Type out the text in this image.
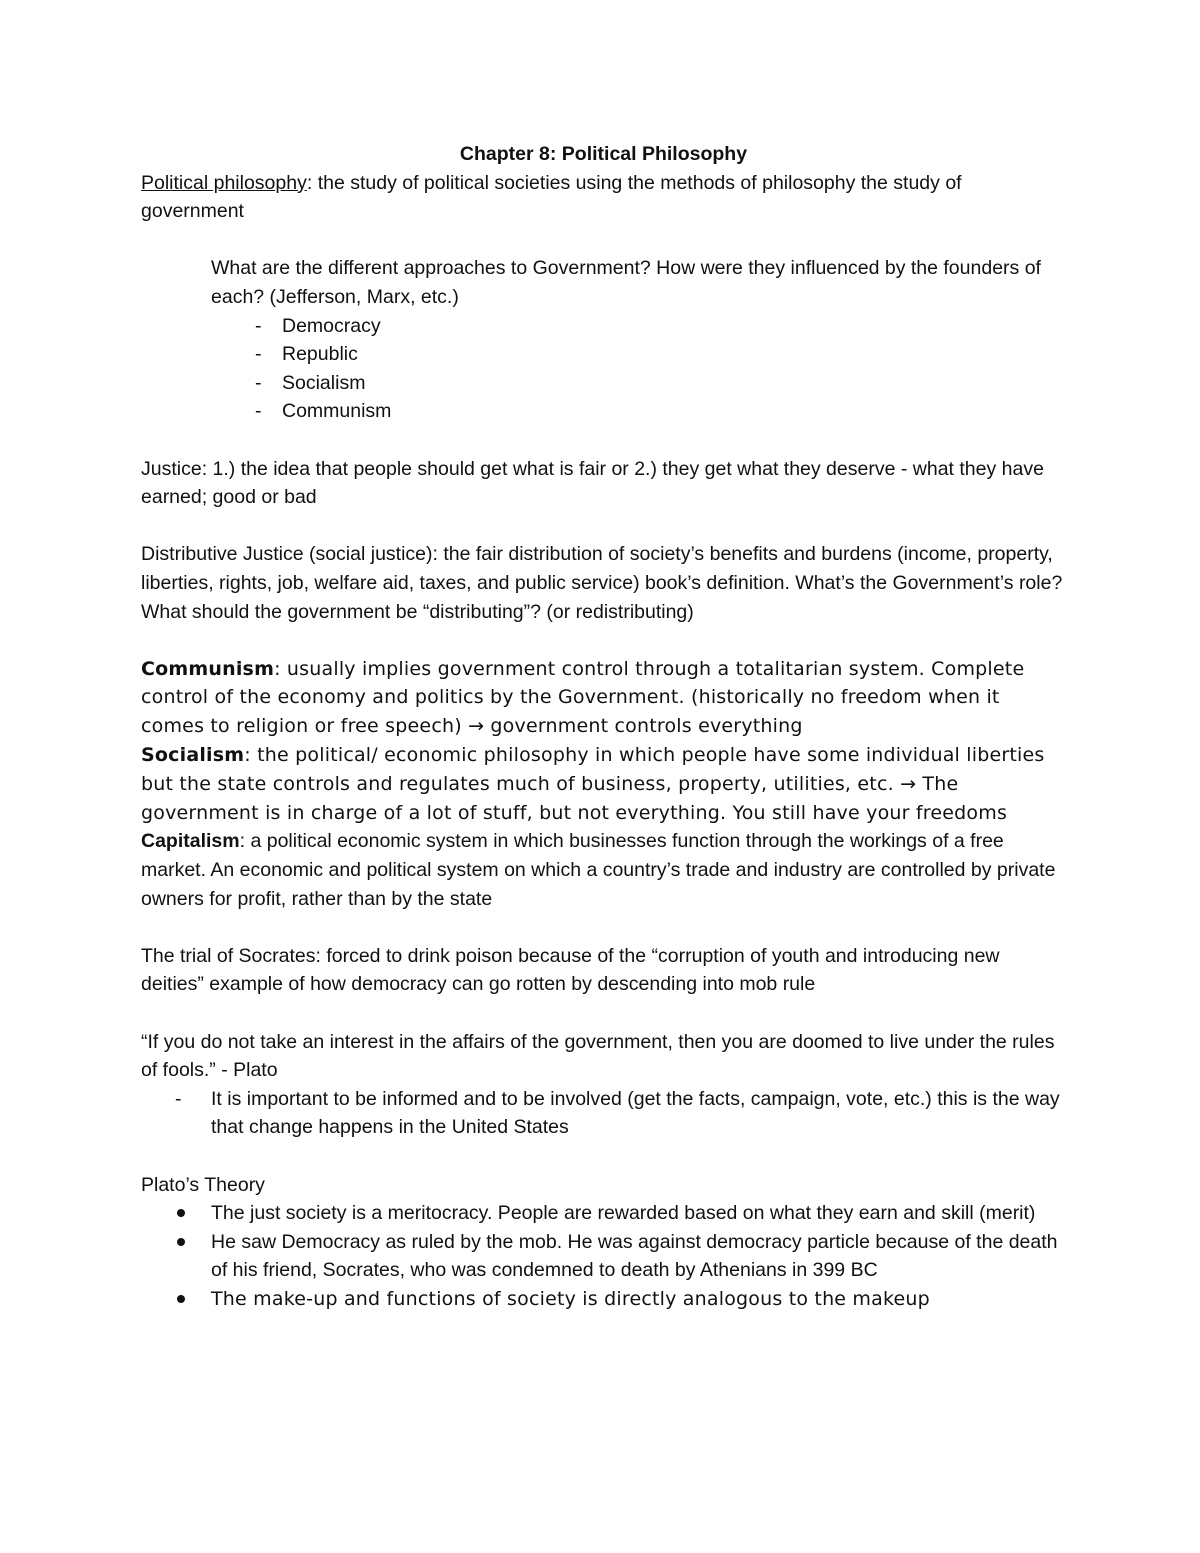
Chapter 8: Political Philosophy
Political philosophy: the study of political societies using the methods of philosophy the study of government
What are the different approaches to Government? How were they influenced by the founders of each? (Jefferson, Marx, etc.)
-	Democracy
-	Republic
-	Socialism
-	Communism
Justice: 1.) the idea that people should get what is fair or 2.) they get what they deserve - what they have earned; good or bad
Distributive Justice (social justice): the fair distribution of society’s benefits and burdens (income, property, liberties, rights, job, welfare aid, taxes, and public service) book’s definition. What’s the Government’s role? What should the government be “distributing”? (or redistributing)
Communism: usually implies government control through a totalitarian system. Complete control of the economy and politics by the Government. (historically no freedom when it comes to religion or free speech) → government controls everything
Socialism: the political/ economic philosophy in which people have some individual liberties but the state controls and regulates much of business, property, utilities, etc. → The government is in charge of a lot of stuff, but not everything. You still have your freedoms
Capitalism: a political economic system in which businesses function through the workings of a free market. An economic and political system on which a country’s trade and industry are controlled by private owners for profit, rather than by the state
The trial of Socrates: forced to drink poison because of the “corruption of youth and introducing new deities” example of how democracy can go rotten by descending into mob rule
“If you do not take an interest in the affairs of the government, then you are doomed to live under the rules of fools.” - Plato
-	It is important to be informed and to be involved (get the facts, campaign, vote, etc.) this is the way that change happens in the United States
Plato’s Theory
The just society is a meritocracy. People are rewarded based on what they earn and skill (merit)
He saw Democracy as ruled by the mob. He was against democracy particle because of the death of his friend, Socrates, who was condemned to death by Athenians in 399 BC
The make-up and functions of society is directly analogous to the makeup
